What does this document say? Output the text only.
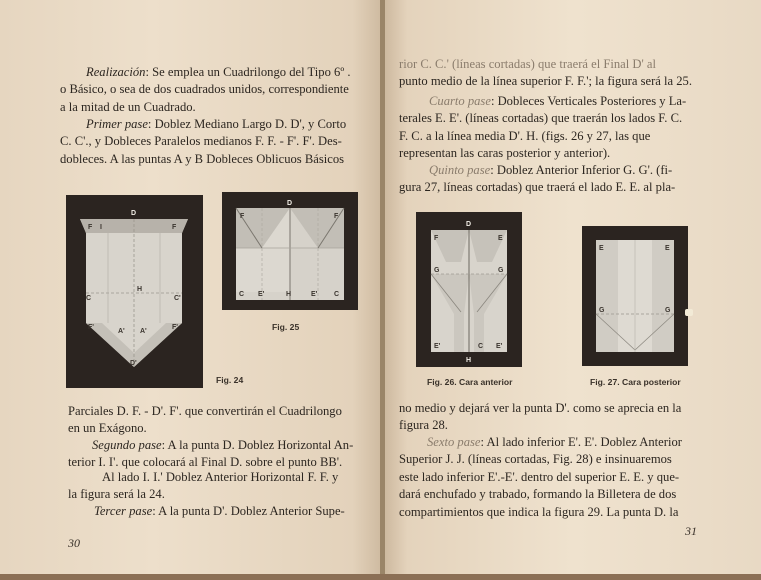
Realización: Se emplea un Cuadrilongo del Tipo 6º .
o Básico, o sea de dos cuadrados unidos, correspondiente
a la mitad de un Cuadrado.
Primer pase: Doblez Mediano Largo D. D', y Corto
C. C'., y Dobleces Paralelos medianos F. F. - F'. F'. Des-
dobleces. A las puntas A y B Dobleces Oblicuos Básicos
D
F I	F
C
H
C'
F'
A' A'
F'
D'
Fig. 24
D
F	F
C E'	H	E' C
Fig. 25
Parciales D. F. - D'. F'. que convertirán el Cuadrilongo
en un Exágono.
Segundo pase: A la punta D. Doblez Horizontal An-
terior I. I'. que colocará al Final D. sobre el punto BB'.
Al lado I. I.' Doblez Anterior Horizontal F. F. y
la figura será la 24.
Tercer pase: A la punta D'. Doblez Anterior Supe-
30
rior C. C.' (líneas cortadas) que traerá el Final D' al
punto medio de la línea superior F. F.'; la figura será la 25.
Cuarto pase: Dobleces Verticales Posteriores y La-
terales E. E'. (líneas cortadas) que traerán los lados F. C.
F. C. a la línea media D'. H. (figs. 26 y 27, las que
representan las caras posterior y anterior).
Quinto pase: Doblez Anterior Inferior G. G'. (fi-
gura 27, líneas cortadas) que traerá el lado E. E. al pla-
D
F	E
G	G
E'	C
H
E'
Fig. 26. Cara anterior
E	E
G	G
Fig. 27. Cara posterior
no medio y dejará ver la punta D'. como se aprecia en la
figura 28.
Sexto pase: Al lado inferior E'. E'. Doblez Anterior
Superior J. J. (líneas cortadas, Fig. 28) e insinuaremos
este lado inferior E'.-E'. dentro del superior E. E. y que-
dará enchufado y trabado, formando la Billetera de dos
compartimientos que indica la figura 29. La punta D. la
31
